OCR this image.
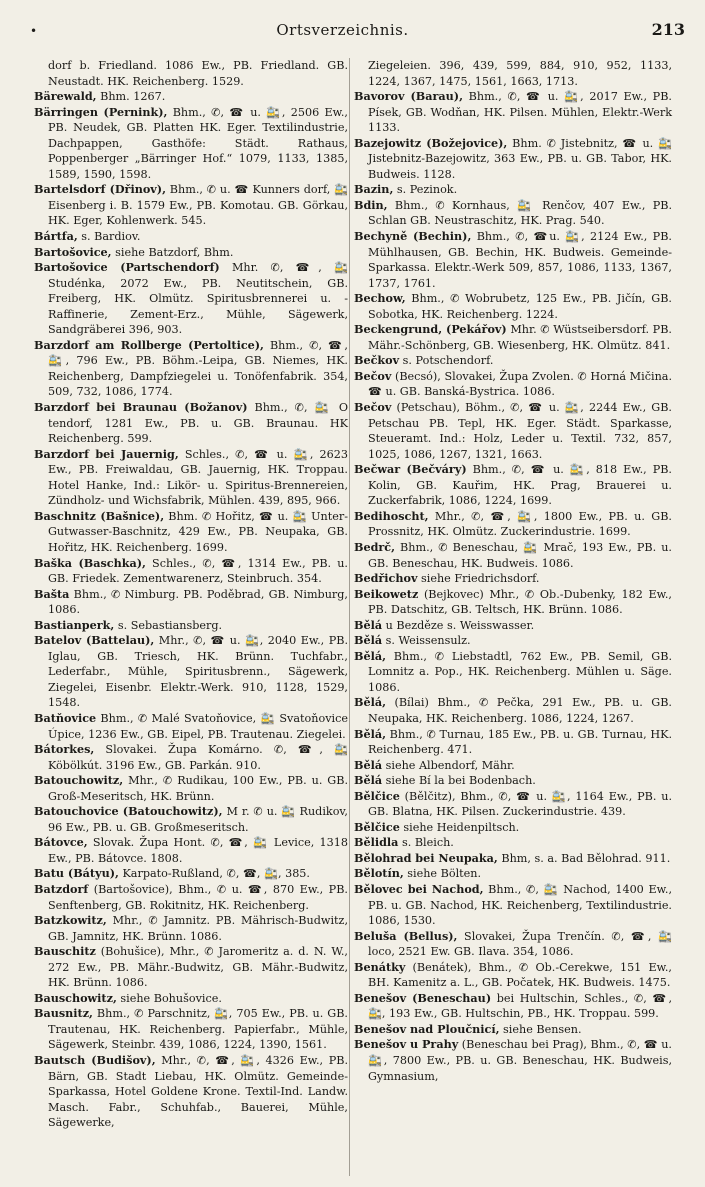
•	Ortsverzeichnis.	213

dorf b. Friedland. 1086 Ew., PB. Friedland. GB. Neustadt. HK. Reichenberg. 1529.

Bärewald, Bhm. 1267.

Bärringen (Pernink), Bhm., ✆, ☎ u. 🚉, 2506 Ew., PB. Neudek, GB. Platten HK. Eger. Textilindustrie, Dachpappen, Gasthöfe: Städt. Rathaus, Poppenberger „Bärringer Hof.“ 1079, 1133, 1385, 1589, 1590, 1598.

Bartelsdorf (Dřinov), Bhm., ✆ u. ☎ Kunners dorf, 🚉 Eisenberg i. B. 1579 Ew., PB. Komotau. GB. Görkau, HK. Eger, Kohlenwerk. 545.

Bártfa, s. Bardiov.

Bartošovice, siehe Batzdorf, Bhm.

Bartošovice (Partschendorf) Mhr. ✆, ☎, 🚉 Studénka, 2072 Ew., PB. Neutitschein, GB. Freiberg, HK. Olmütz. Spiritusbrennerei u. -Raffinerie, Zement-Erz., Mühle, Sägewerk, Sandgräberei 396, 903.

Barzdorf am Rollberge (Pertoltice), Bhm., ✆, ☎, 🚉, 796 Ew., PB. Böhm.-Leipa, GB. Niemes, HK. Reichenberg, Dampfziegelei u. Tonöfenfabrik. 354, 509, 732, 1086, 1774.

Barzdorf bei Braunau (Božanov) Bhm., ✆, 🚉 O tendorf, 1281 Ew., PB. u. GB. Braunau. HK Reichenberg. 599.

Barzdorf bei Jauernig, Schles., ✆, ☎ u. 🚉, 2623 Ew., PB. Freiwaldau, GB. Jauernig, HK. Troppau. Hotel Hanke, Ind.: Likör- u. Spiritus-Brennereien, Zündholz- und Wichsfabrik, Mühlen. 439, 895, 966.

Baschnitz (Bašnice), Bhm. ✆ Hořitz, ☎ u. 🚉 Unter-Gutwasser-Baschnitz, 429 Ew., PB. Neupaka, GB. Hořitz, HK. Reichenberg. 1699.

Baška (Baschka), Schles., ✆, ☎, 1314 Ew., PB. u. GB. Friedek. Zementwarenerz, Steinbruch. 354.

Bašta Bhm., ✆ Nimburg. PB. Poděbrad, GB. Nimburg, 1086.

Bastianperk, s. Sebastiansberg.

Batelov (Battelau), Mhr., ✆, ☎ u. 🚉, 2040 Ew., PB. Iglau, GB. Triesch, HK. Brünn. Tuchfabr., Lederfabr., Mühle, Spiritusbrenn., Sägewerk, Ziegelei, Eisenbr. Elektr.-Werk. 910, 1128, 1529, 1548.

Batňovice Bhm., ✆ Malé Svatoňovice, 🚉 Svatoňovice Úpice, 1236 Ew., GB. Eipel, PB. Trautenau. Ziegelei.

Bátorkes, Slovakei. Župa Komárno. ✆, ☎, 🚉 Köbölkút. 3196 Ew., GB. Parkán. 910.

Batouchowitz, Mhr., ✆ Rudikau, 100 Ew., PB. u. GB. Groß-Meseritsch, HK. Brünn.

Batouchovice (Batouchowitz), M r. ✆ u. 🚉 Rudikov, 96 Ew., PB. u. GB. Großmeseritsch.

Bátovce, Slovak. Župa Hont. ✆, ☎, 🚉 Levice, 1318 Ew., PB. Bátovce. 1808.

Batu (Bátyu), Karpato-Rußland, ✆, ☎, 🚉, 385.

Batzdorf (Bartošovice), Bhm., ✆ u. ☎, 870 Ew., PB. Senftenberg, GB. Rokitnitz, HK. Reichenberg.

Batzkowitz, Mhr., ✆ Jamnitz. PB. Mährisch-Budwitz, GB. Jamnitz, HK. Brünn. 1086.

Bauschitz (Bohušice), Mhr., ✆ Jaromeritz a. d. N. W., 272 Ew., PB. Mähr.-Budwitz, GB. Mähr.-Budwitz, HK. Brünn. 1086.

Bauschowitz, siehe Bohušovice.

Bausnitz, Bhm., ✆ Parschnitz, 🚉, 705 Ew., PB. u. GB. Trautenau, HK. Reichenberg. Papierfabr., Mühle, Sägewerk, Steinbr. 439, 1086, 1224, 1390, 1561.

Bautsch (Budišov), Mhr., ✆, ☎, 🚉, 4326 Ew., PB. Bärn, GB. Stadt Liebau, HK. Olmütz. Gemeinde-Sparkassa, Hotel Goldene Krone. Textil-Ind. Landw. Masch. Fabr., Schuhfab., Bauerei, Mühle, Sägewerke,

Ziegeleien. 396, 439, 599, 884, 910, 952, 1133, 1224, 1367, 1475, 1561, 1663, 1713.

Bavorov (Barau), Bhm., ✆, ☎ u. 🚉, 2017 Ew., PB. Písek, GB. Wodňan, HK. Pilsen. Mühlen, Elektr.-Werk 1133.

Bazejowitz (Božejovice), Bhm. ✆ Jistebnitz, ☎ u. 🚉 Jistebnitz-Bazejowitz, 363 Ew., PB. u. GB. Tabor, HK. Budweis. 1128.

Bazin, s. Pezinok.

Bdin, Bhm., ✆ Kornhaus, 🚉 Renčov, 407 Ew., PB. Schlan GB. Neustraschitz, HK. Prag. 540.

Bechyně (Bechin), Bhm., ✆, ☎u. 🚉, 2124 Ew., PB. Mühlhausen, GB. Bechin, HK. Budweis. Gemeinde-Sparkassa. Elektr.-Werk 509, 857, 1086, 1133, 1367, 1737, 1761.

Bechow, Bhm., ✆ Wobrubetz, 125 Ew., PB. Jičín, GB. Sobotka, HK. Reichenberg. 1224.

Beckengrund, (Pekářov) Mhr. ✆ Wüstseibersdorf. PB. Mähr.-Schönberg, GB. Wiesenberg, HK. Olmütz. 841.

Bečkov s. Potschendorf.

Bečov (Becsó), Slovakei, Župa Zvolen. ✆ Horná Mičina. ☎ u. GB. Banská-Bystrica. 1086.

Bečov (Petschau), Böhm., ✆, ☎ u. 🚉, 2244 Ew., GB. Petschau PB. Tepl, HK. Eger. Städt. Sparkasse, Steueramt. Ind.: Holz, Leder u. Textil. 732, 857, 1025, 1086, 1267, 1321, 1663.

Bečwar (Bečváry) Bhm., ✆, ☎ u. 🚉, 818 Ew., PB. Kolin, GB. Kauřim, HK. Prag, Brauerei u. Zuckerfabrik, 1086, 1224, 1699.

Bedihoscht, Mhr., ✆, ☎, 🚉, 1800 Ew., PB. u. GB. Prossnitz, HK. Olmütz. Zuckerindustrie. 1699.

Bedrč, Bhm., ✆ Beneschau, 🚉 Mrač, 193 Ew., PB. u. GB. Beneschau, HK. Budweis. 1086.

Bedřichov siehe Friedrichsdorf.

Beikowetz (Bejkovec) Mhr., ✆ Ob.-Dubenky, 182 Ew., PB. Datschitz, GB. Teltsch, HK. Brünn. 1086.

Bělá u Bezděze s. Weisswasser.

Bělá s. Weissensulz.

Bělá, Bhm., ✆ Liebstadtl, 762 Ew., PB. Semil, GB. Lomnitz a. Pop., HK. Reichenberg. Mühlen u. Säge. 1086.

Bělá, (Bílai) Bhm., ✆ Pečka, 291 Ew., PB. u. GB. Neupaka, HK. Reichenberg. 1086, 1224, 1267.

Bělá, Bhm., ✆ Turnau, 185 Ew., PB. u. GB. Turnau, HK. Reichenberg. 471.

Bělá siehe Albendorf, Mähr.

Bělá siehe Bí la bei Bodenbach.

Bělčice (Bělčitz), Bhm., ✆, ☎ u. 🚉, 1164 Ew., PB. u. GB. Blatna, HK. Pilsen. Zuckerindustrie. 439.

Bělčice siehe Heidenpiltsch.

Bělidla s. Bleich.

Bělohrad bei Neupaka, Bhm, s. a. Bad Bělohrad. 911.

Bělotín, siehe Bölten.

Bělovec bei Nachod, Bhm., ✆, 🚉 Nachod, 1400 Ew., PB. u. GB. Nachod, HK. Reichenberg, Textilindustrie. 1086, 1530.

Beluša (Bellus), Slovakei, Župa Trenčín. ✆, ☎, 🚉 loco, 2521 Ew. GB. Ilava. 354, 1086.

Benátky (Benátek), Bhm., ✆ Ob.-Cerekwe, 151 Ew., BH. Kamenitz a. L., GB. Počatek, HK. Budweis. 1475.

Benešov (Beneschau) bei Hultschin, Schles., ✆, ☎, 🚉, 193 Ew., GB. Hultschin, PB., HK. Troppau. 599.

Benešov nad Ploučnicí, siehe Bensen.

Benešov u Prahy (Beneschau bei Prag), Bhm., ✆, ☎ u. 🚉, 7800 Ew., PB. u. GB. Beneschau, HK. Budweis, Gymnasium,
